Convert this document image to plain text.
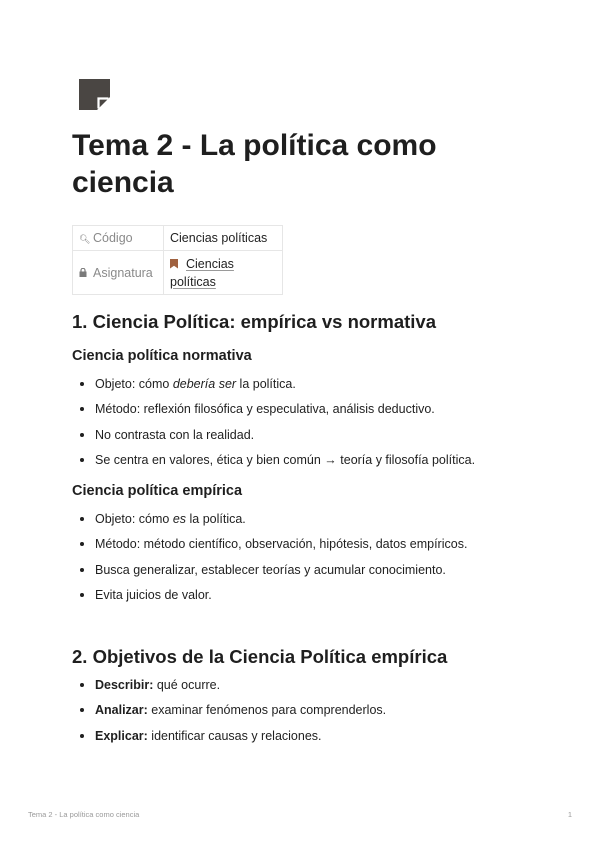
Tema 2 - La política como ciencia
🔍︎ Código	Ciencias políticas
Asignatura	Ciencias
políticas
1. Ciencia Política: empírica vs normativa
Ciencia política normativa
Objeto: cómo debería ser la política.
Método: reflexión filosófica y especulativa, análisis deductivo.
No contrasta con la realidad.
Se centra en valores, ética y bien común → teoría y filosofía política.
Ciencia política empírica
Objeto: cómo es la política.
Método: método científico, observación, hipótesis, datos empíricos.
Busca generalizar, establecer teorías y acumular conocimiento.
Evita juicios de valor.
2. Objetivos de la Ciencia Política empírica
Describir: qué ocurre.
Analizar: examinar fenómenos para comprenderlos.
Explicar: identificar causas y relaciones.
Tema 2 - La política como ciencia	1
